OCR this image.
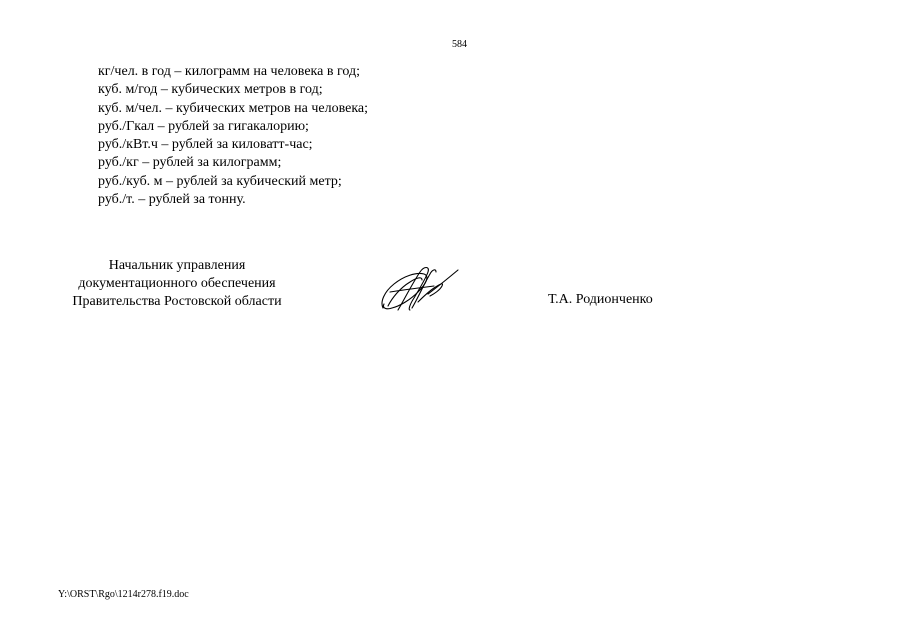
584
кг/чел. в год – килограмм на человека в год;
куб. м/год – кубических метров в год;
куб. м/чел. – кубических метров на человека;
руб./Гкал – рублей за гигакалорию;
руб./кВт.ч – рублей за киловатт-час;
руб./кг – рублей за килограмм;
руб./куб. м – рублей за кубический метр;
руб./т. – рублей за тонну.
Начальник управления
документационного обеспечения
Правительства Ростовской области	Т.А. Родионченко
Y:\ORST\Rgo\1214r278.f19.doc
